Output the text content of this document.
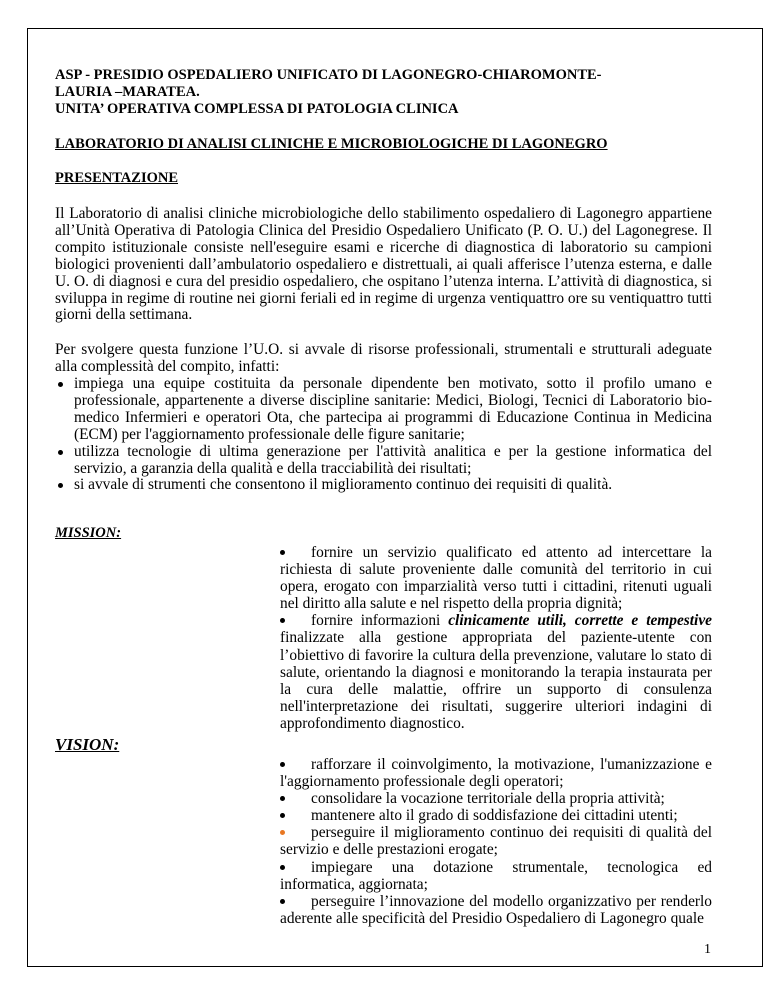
ASP - PRESIDIO OSPEDALIERO UNIFICATO DI LAGONEGRO-CHIAROMONTE-

LAURIA –MARATEA.

UNITA’ OPERATIVA COMPLESSA DI PATOLOGIA CLINICA

LABORATORIO DI ANALISI CLINICHE E MICROBIOLOGICHE DI LAGONEGRO

PRESENTAZIONE

Il Laboratorio di analisi cliniche microbiologiche dello stabilimento ospedaliero di Lagonegro appartiene all’Unità Operativa di Patologia Clinica del Presidio Ospedaliero Unificato (P. O. U.) del Lagonegrese. Il compito istituzionale consiste nell'eseguire esami e ricerche di diagnostica di laboratorio su campioni biologici provenienti dall’ambulatorio ospedaliero e distrettuali, ai quali afferisce l’utenza esterna, e dalle U. O. di diagnosi e cura del presidio ospedaliero, che ospitano l’utenza interna. L’attività di diagnostica, si sviluppa in regime di routine nei giorni feriali ed in regime di urgenza ventiquattro ore su ventiquattro tutti giorni della settimana.

Per svolgere questa funzione l’U.O. si avvale di risorse professionali, strumentali e strutturali adeguate alla complessità del compito, infatti:

impiega una equipe costituita da personale dipendente ben motivato, sotto il profilo umano e professionale, appartenente a diverse discipline sanitarie: Medici, Biologi, Tecnici di Laboratorio bio-medico Infermieri e operatori Ota, che partecipa ai programmi di Educazione Continua in Medicina (ECM) per l'aggiornamento professionale delle figure sanitarie;
utilizza tecnologie di ultima generazione per l'attività analitica e per la gestione informatica del servizio, a garanzia della qualità e della tracciabilità dei risultati;
si avvale di strumenti che consentono il miglioramento continuo dei requisiti di qualità.

MISSION:

fornire un servizio qualificato ed attento ad intercettare la richiesta di salute proveniente dalle comunità del territorio in cui opera, erogato con imparzialità verso tutti i cittadini, ritenuti uguali nel diritto alla salute e nel rispetto della propria dignità;
fornire informazioni clinicamente utili, corrette e tempestive finalizzate alla gestione appropriata del paziente-utente con l’obiettivo di favorire la cultura della prevenzione, valutare lo stato di salute, orientando la diagnosi e monitorando la terapia instaurata per la cura delle malattie, offrire un supporto di consulenza nell'interpretazione dei risultati, suggerire ulteriori indagini di approfondimento diagnostico.

VISION:

rafforzare il coinvolgimento, la motivazione, l'umanizzazione e l'aggiornamento professionale degli operatori;
consolidare la vocazione territoriale della propria attività;
mantenere alto il grado di soddisfazione dei cittadini utenti;
perseguire il miglioramento continuo dei requisiti di qualità del servizio e delle prestazioni erogate;
impiegare una dotazione strumentale, tecnologica ed informatica, aggiornata;
perseguire l’innovazione del modello organizzativo per renderlo aderente alle specificità del Presidio Ospedaliero di Lagonegro quale
1
